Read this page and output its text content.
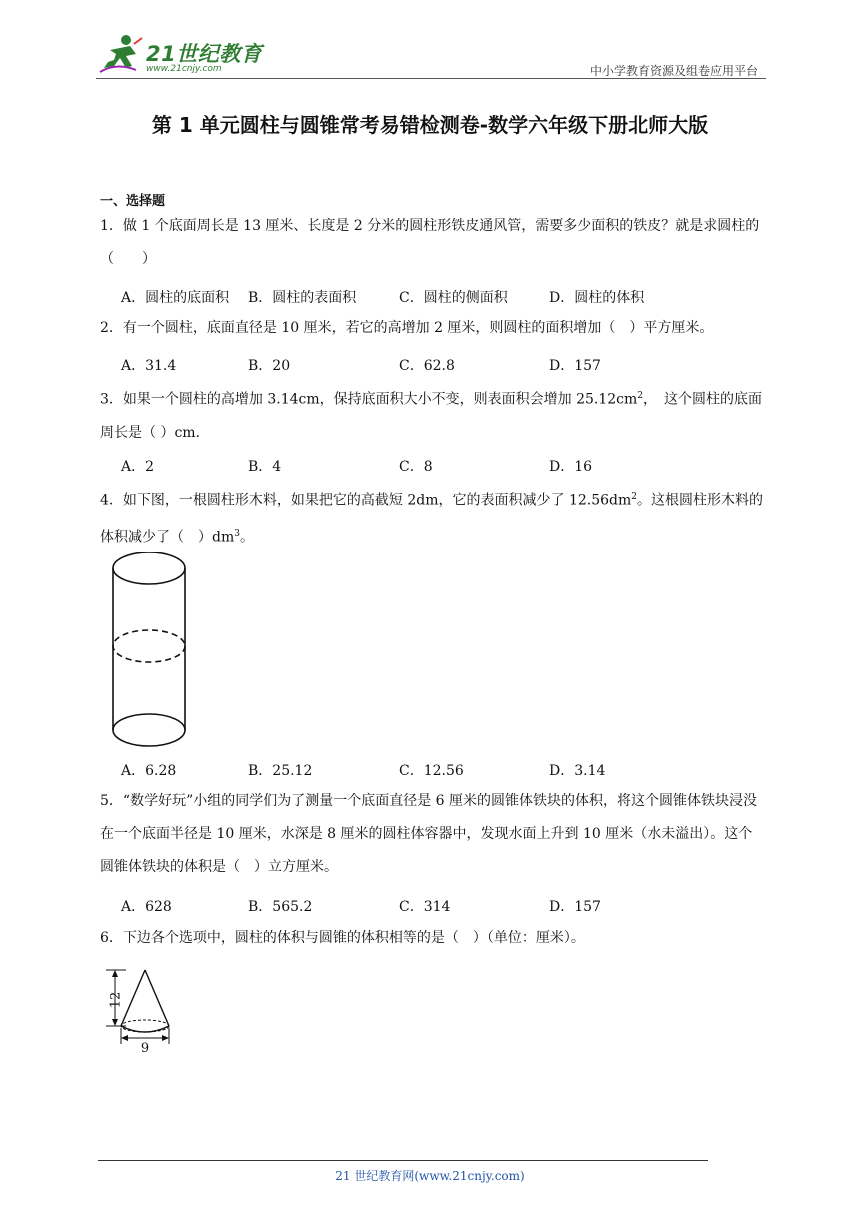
21世纪教育
www.21cnjy.com	中小学教育资源及组卷应用平台
第 1 单元圆柱与圆锥常考易错检测卷-数学六年级下册北师大版
一、选择题
1．做 1 个底面周长是 13 厘米、长度是 2 分米的圆柱形铁皮通风管，需要多少面积的铁皮？就是求圆柱的（　　）
A．圆柱的底面积 B．圆柱的表面积	C．圆柱的侧面积	D．圆柱的体积
2．有一个圆柱，底面直径是 10 厘米，若它的高增加 2 厘米，则圆柱的面积增加（　）平方厘米。
A．31.4	B．20	C．62.8	D．157
3．如果一个圆柱的高增加 3.14cm，保持底面积大小不变，则表面积会增加 $25.12cm^2$，　这个圆柱的底面周长是（ ）cm．
A．2	B．4	C．8	D．16
4．如下图，一根圆柱形木料，如果把它的高截短 2dm，它的表面积减少了 $12.56dm^2$。这根圆柱形木料的体积减少了（　）$dm^3$。
A．6.28	B．25.12	C．12.56	D．3.14
5．“数学好玩”小组的同学们为了测量一个底面直径是 6 厘米的圆锥体铁块的体积，将这个圆锥体铁块浸没在一个底面半径是 10 厘米，水深是 8 厘米的圆柱体容器中，发现水面上升到 10 厘米（水未溢出）。这个圆锥体铁块的体积是（　）立方厘米。
A．628	B．565.2	C．314	D．157
6．下边各个选项中，圆柱的体积与圆锥的体积相等的是（　）（单位：厘米）。
12
9
21 世纪教育网(www.21cnjy.com)
